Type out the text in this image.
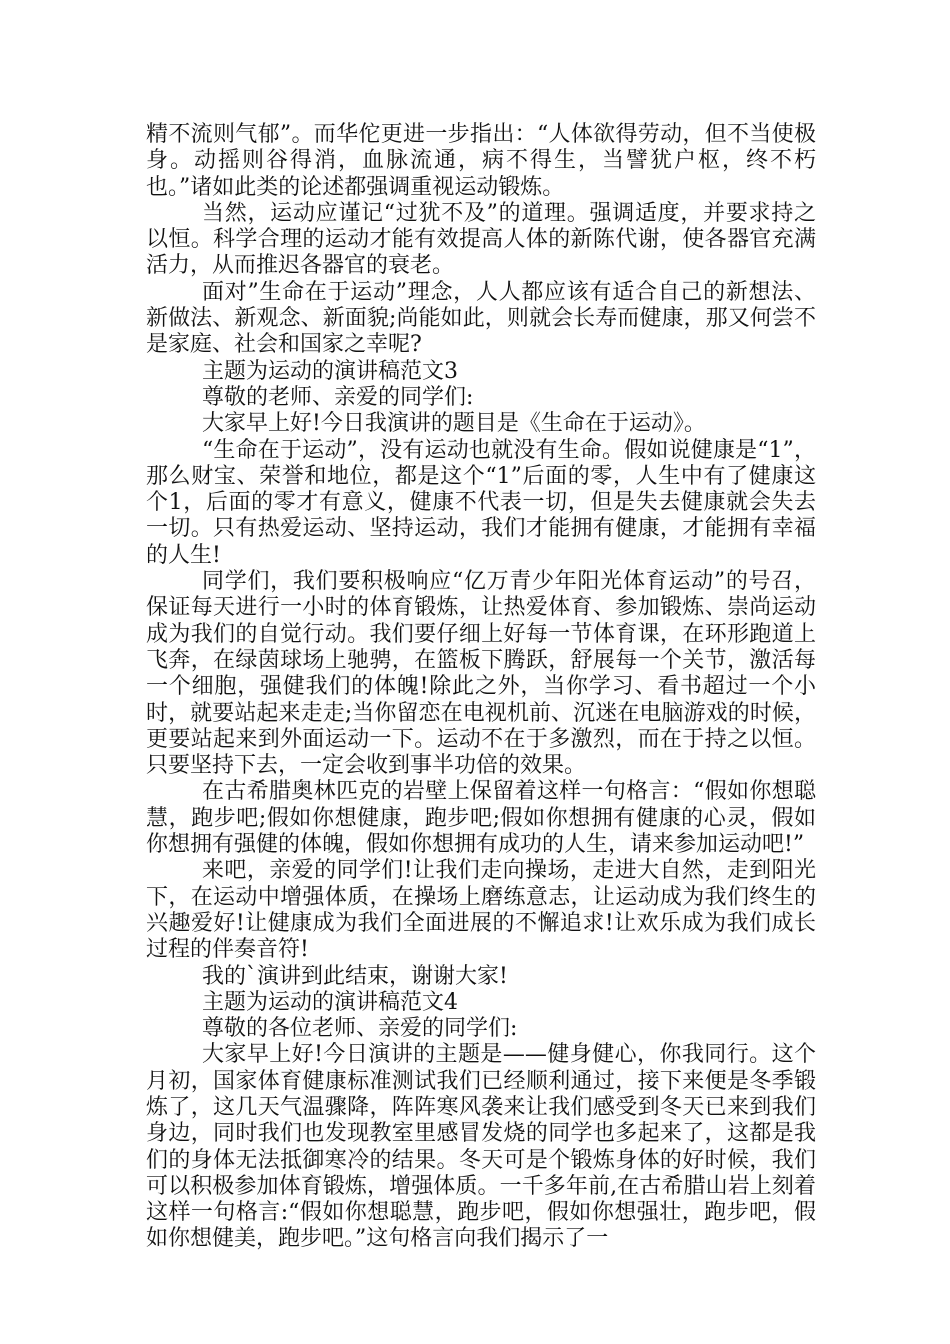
精不流则气郁”。而华佗更进一步指出：“人体欲得劳动，但不当使极身。动摇则谷得消，血脉流通，病不得生，当譬犹户枢，终不朽也。”诸如此类的论述都强调重视运动锻炼。

当然，运动应谨记“过犹不及”的道理。强调适度，并要求持之以恒。科学合理的运动才能有效提高人体的新陈代谢，使各器官充满活力，从而推迟各器官的衰老。

面对”生命在于运动”理念，人人都应该有适合自己的新想法、新做法、新观念、新面貌;尚能如此，则就会长寿而健康，那又何尝不是家庭、社会和国家之幸呢?

主题为运动的演讲稿范文3

尊敬的老师、亲爱的同学们:

大家早上好!今日我演讲的题目是《生命在于运动》。

“生命在于运动”，没有运动也就没有生命。假如说健康是“1”，那么财宝、荣誉和地位，都是这个“1”后面的零，人生中有了健康这个1，后面的零才有意义，健康不代表一切，但是失去健康就会失去一切。只有热爱运动、坚持运动，我们才能拥有健康，才能拥有幸福的人生!

同学们，我们要积极响应“亿万青少年阳光体育运动”的号召，保证每天进行一小时的体育锻炼，让热爱体育、参加锻炼、崇尚运动成为我们的自觉行动。我们要仔细上好每一节体育课，在环形跑道上飞奔，在绿茵球场上驰骋，在篮板下腾跃，舒展每一个关节，激活每一个细胞，强健我们的体魄!除此之外，当你学习、看书超过一个小时，就要站起来走走;当你留恋在电视机前、沉迷在电脑游戏的时候，更要站起来到外面运动一下。运动不在于多激烈，而在于持之以恒。只要坚持下去，一定会收到事半功倍的效果。

在古希腊奥林匹克的岩壁上保留着这样一句格言：“假如你想聪慧，跑步吧;假如你想健康，跑步吧;假如你想拥有健康的心灵，假如你想拥有强健的体魄，假如你想拥有成功的人生，请来参加运动吧!”

来吧，亲爱的同学们!让我们走向操场，走进大自然，走到阳光下，在运动中增强体质，在操场上磨练意志，让运动成为我们终生的兴趣爱好!让健康成为我们全面进展的不懈追求!让欢乐成为我们成长过程的伴奏音符!

我的`演讲到此结束，谢谢大家!

主题为运动的演讲稿范文4

尊敬的各位老师、亲爱的同学们:

大家早上好!今日演讲的主题是——健身健心，你我同行。这个月初，国家体育健康标准测试我们已经顺利通过，接下来便是冬季锻炼了，这几天气温骤降，阵阵寒风袭来让我们感受到冬天已来到我们身边，同时我们也发现教室里感冒发烧的同学也多起来了，这都是我们的身体无法抵御寒冷的结果。冬天可是个锻炼身体的好时候，我们可以积极参加体育锻炼，增强体质。一千多年前,在古希腊山岩上刻着这样一句格言:“假如你想聪慧，跑步吧，假如你想强壮，跑步吧，假如你想健美，跑步吧。”这句格言向我们揭示了一
